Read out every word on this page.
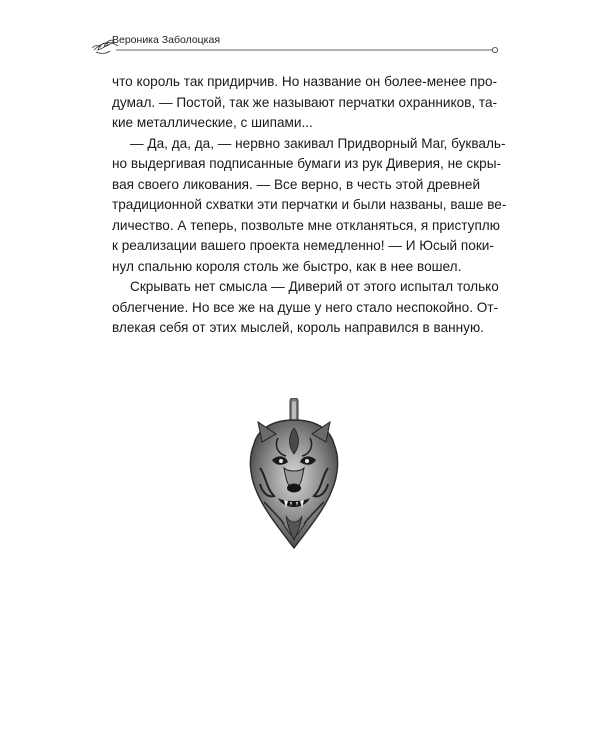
Вероника Заболоцкая

что король так придирчив. Но название он более-менее про-
думал. — Постой, так же называют перчатки охранников, та-
кие металлические, с шипами...

— Да, да, да, — нервно закивал Придворный Маг, букваль-
но выдергивая подписанные бумаги из рук Диверия, не скры-
вая своего ликования. — Все верно, в честь этой древней
традиционной схватки эти перчатки и были названы, ваше ве-
личество. А теперь, позвольте мне откланяться, я приступлю
к реализации вашего проекта немедленно! — И Юсый поки-
нул спальню короля столь же быстро, как в нее вошел.

Скрывать нет смысла — Диверий от этого испытал только
облегчение. Но все же на душе у него стало неспокойно. От-
влекая себя от этих мыслей, король направился в ванную.
